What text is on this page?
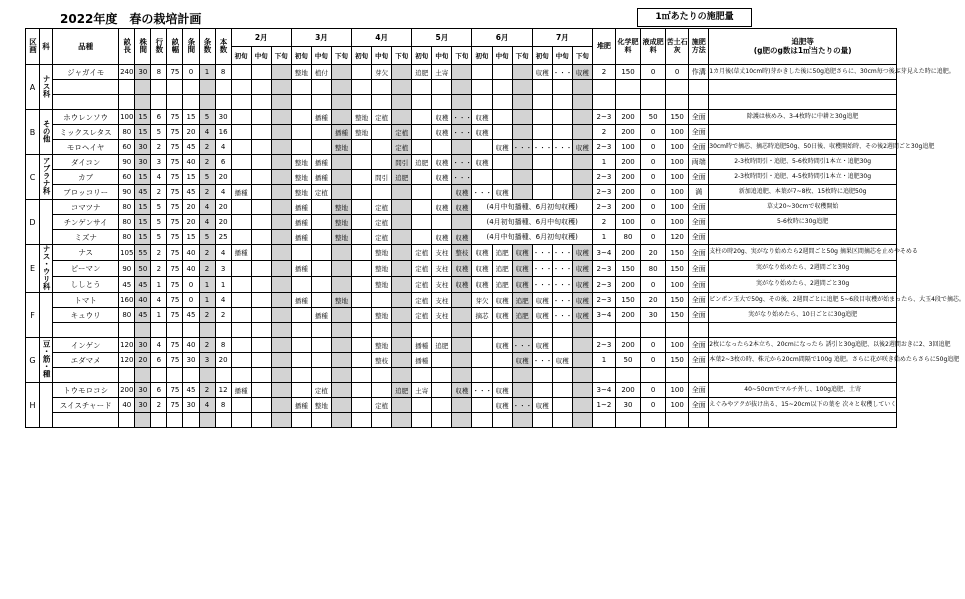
2022年度 春の栽培計画	1㎡あたりの施肥量
区画	科	品種	畝長	株間	行数	畝幅	条間	条数	本数	2月			3月			4月			5月			6月			7月			堆肥	化学肥料	液成肥料	苦土石灰	施肥方法	追肥等
(g肥のg数は1㎡当たりの量)

										初旬	中旬	下旬	初旬	中旬	下旬	初旬	中旬	下旬	初旬	中旬	下旬	初旬	中旬	下旬	初旬	中旬	下旬						
A	ナス科	ジャガイモ	240	30	8	75	0	1	8				整地	植付			芽欠		追肥	土寄					収穫	・・・	収穫	2	150	0	0	作溝	1カ月後(草丈10cm時)芽かきした後に50g追肥さらに、30cm毎つ後ぶ芽見えた時に追肥。

B	その他	ホウレンソウ	100	15	6	75	15	5	30					播種		整地	定植			収穫	・・・	収穫						2~3	200	50	150	全面	除護は核めみ、3-4枚時に中耕と30g追肥
		ミックスレタス	80	15	5	75	20	4	16						播種	整地		定植		収穫	・・・	収穫						2	200	0	100	全面	
		モロヘイヤ	60	30	2	75	45	2	4						整地			定植					収穫	・・・	・・・	・・・	収穫	2~3	100	0	100	全面	30cm時で摘芯、摘芯時追肥50g、50日後、収穫開始時、その後2週間ごと30g追肥
C	アブラナ科	ダイコン	90	30	3	75	40	2	6				整地	播種				間引	追肥	収穫	・・・	収穫						1	200	0	100	両端	2-3枚時間引・追肥、5-6枚時間引1本立・追肥30g
		カブ	60	15	4	75	15	5	20				整地	播種			間引	追肥		収穫	・・・							2~3	200	0	100	全面	2-3枚時間引・追肥、4-5枚時間引1本立・追肥30g
		ブロッコリー	90	45	2	75	45	2	4	播種			整地	定植							収穫	・・・	収穫					2~3	200	0	100	満	新加追追肥、本葉が7~8枚、15枚時に追肥50g
D		コマツナ	80	15	5	75	20	4	20				播種		整地		定植			収穫	収穫	(4月中旬播種、6月初旬収穫)						2~3	200	0	100	全面	草丈20~30cmで収穫開始
		チンゲンサイ	80	15	5	75	20	4	20				播種		整地		定植					(4月初旬播種、6月中旬収穫)						2	100	0	100	全面	5-6枚時に30g追肥
		ミズナ	80	15	5	75	15	5	25				播種		整地		定植			収穫	収穫	(4月中旬播種、6月初旬収穫)						1	80	0	120	全面	
E	ナス・ウリ科	ナス	105	55	2	75	40	2	4	播種							整地		定植	支柱	整枝	収穫	追肥	収穫	・・・	・・・	収穫	3~4	200	20	150	全面	支柱の時20g、実がなり始めたら2週間ごと50g 摘果区間摘芯を止めやそめる
		ピーマン	90	50	2	75	40	2	3				播種				整地		定植	支柱	収穫	収穫	追肥	収穫	・・・	・・・	収穫	2~3	150	80	150	全面	実がなり始めたら、2週間ごと30g
		ししとう	45	45	1	75	0	1	1								整地		定植	支柱	収穫	収穫	追肥	収穫	・・・	・・・	収穫	2~3	200	0	100	全面	実がなり始めたら、2週間ごと30g
F		トマト	160	40	4	75	0	1	4				播種		整地				定植	支柱		芽欠	収穫	追肥	収穫	・・・	収穫	2~3	150	20	150	全面	ピンポン玉大で50g、その後、2週間ごとに追肥 5~6段目収穫が始まったら、大玉4段で摘芯。
		キュウリ	80	45	1	75	45	2	2					播種			整地		定植	支柱		摘芯	収穫	追肥	収穫	・・・	収穫	3~4	200	30	150	全面	実がなり始めたら、10日ごとに30g追肥

G	豆・筋・種	インゲン	120	30	4	75	40	2	8								整地		播種	追肥			収穫	・・・	収穫			2~3	200	0	100	全面	2枚になったら2本立ち、20cmになったら 誘引と30g追肥、以後2週間おきに2、3回追肥
		エダマメ	120	20	6	75	30	3	20								整枝		播種					収穫	・・・	収穫		1	50	0	150	全面	本葉2~3枚の時、株元から20cm間隔で100g 追肥。さらに花が咲き始めたらさらに50g追肥

H		トウモロコシ	200	30	6	75	45	2	12	播種				定植				追肥	土寄		収穫	・・・	収穫					3~4	200	0	100	全面	40~50cmでマルチ外し、100g追肥、土寄
		スイスチャード	40	30	2	75	30	4	8				播種	整地			定植						収穫	・・・	収穫			1~2	30	0	100	全面	えぐみやアクが抜け出る、15~20cm以下の葉を 次々と収穫していく
